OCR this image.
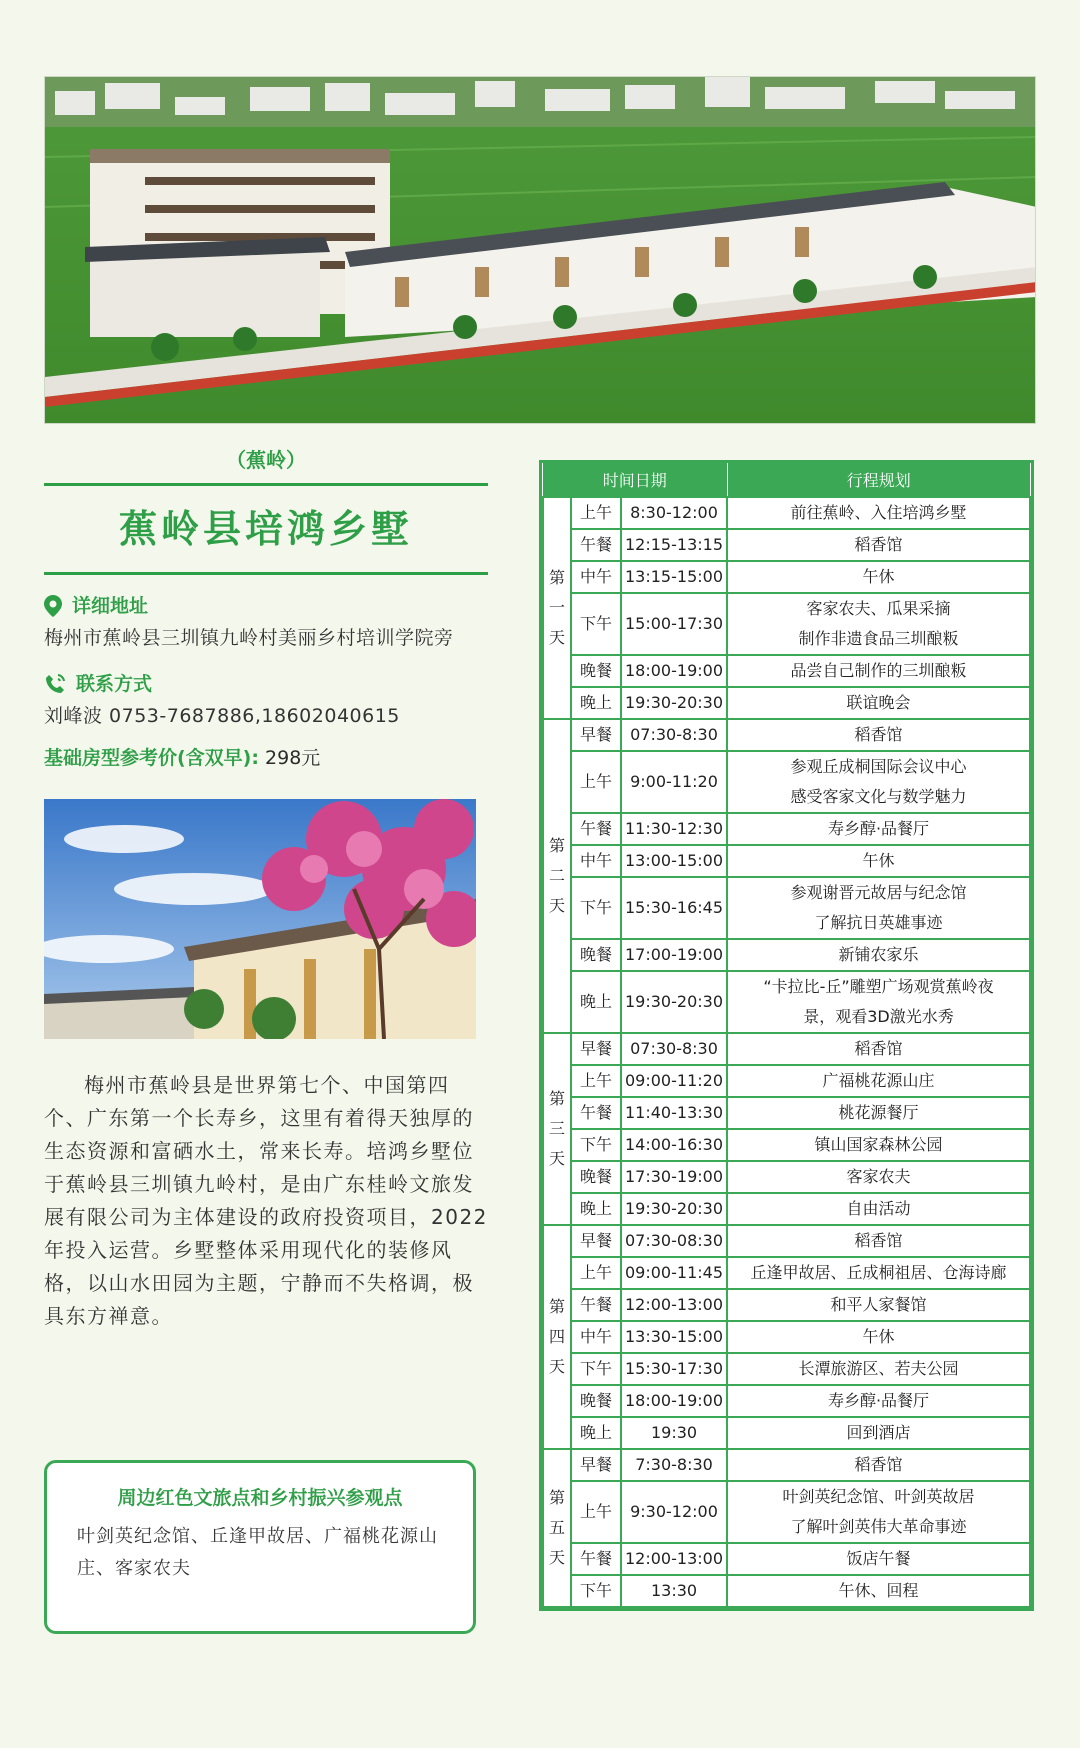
（蕉岭）
蕉岭县培鸿乡墅
详细地址
梅州市蕉岭县三圳镇九岭村美丽乡村培训学院旁
联系方式
刘峰波 0753-7687886,18602040615
基础房型参考价(含双早): 298元
梅州市蕉岭县是世界第七个、中国第四个、广东第一个长寿乡，这里有着得天独厚的生态资源和富硒水土，常来长寿。培鸿乡墅位于蕉岭县三圳镇九岭村，是由广东桂岭文旅发展有限公司为主体建设的政府投资项目，2022年投入运营。乡墅整体采用现代化的装修风格，以山水田园为主题，宁静而不失格调，极具东方禅意。
周边红色文旅点和乡村振兴参观点
叶剑英纪念馆、丘逢甲故居、广福桃花源山庄、客家农夫
时间日期			行程规划
第
一
天	上午	8:30-12:00	前往蕉岭、入住培鸿乡墅
	午餐	12:15-13:15	稻香馆
	中午	13:15-15:00	午休
	下午	15:00-17:30	客家农夫、瓜果采摘
制作非遗食品三圳酿粄
	晚餐	18:00-19:00	品尝自己制作的三圳酿粄
	晚上	19:30-20:30	联谊晚会
第
二
天	早餐	07:30-8:30	稻香馆
	上午	9:00-11:20	参观丘成桐国际会议中心
感受客家文化与数学魅力
	午餐	11:30-12:30	寿乡醇·品餐厅
	中午	13:00-15:00	午休
	下午	15:30-16:45	参观谢晋元故居与纪念馆
了解抗日英雄事迹
	晚餐	17:00-19:00	新铺农家乐
	晚上	19:30-20:30	“卡拉比-丘”雕塑广场观赏蕉岭夜
景，观看3D激光水秀
第
三
天	早餐	07:30-8:30	稻香馆
	上午	09:00-11:20	广福桃花源山庄
	午餐	11:40-13:30	桃花源餐厅
	下午	14:00-16:30	镇山国家森林公园
	晚餐	17:30-19:00	客家农夫
	晚上	19:30-20:30	自由活动
第
四
天	早餐	07:30-08:30	稻香馆
	上午	09:00-11:45	丘逢甲故居、丘成桐祖居、仓海诗廊
	午餐	12:00-13:00	和平人家餐馆
	中午	13:30-15:00	午休
	下午	15:30-17:30	长潭旅游区、若夫公园
	晚餐	18:00-19:00	寿乡醇·品餐厅
	晚上	19:30	回到酒店
第
五
天	早餐	7:30-8:30	稻香馆
	上午	9:30-12:00	叶剑英纪念馆、叶剑英故居
了解叶剑英伟大革命事迹
	午餐	12:00-13:00	饭店午餐
	下午	13:30	午休、回程
